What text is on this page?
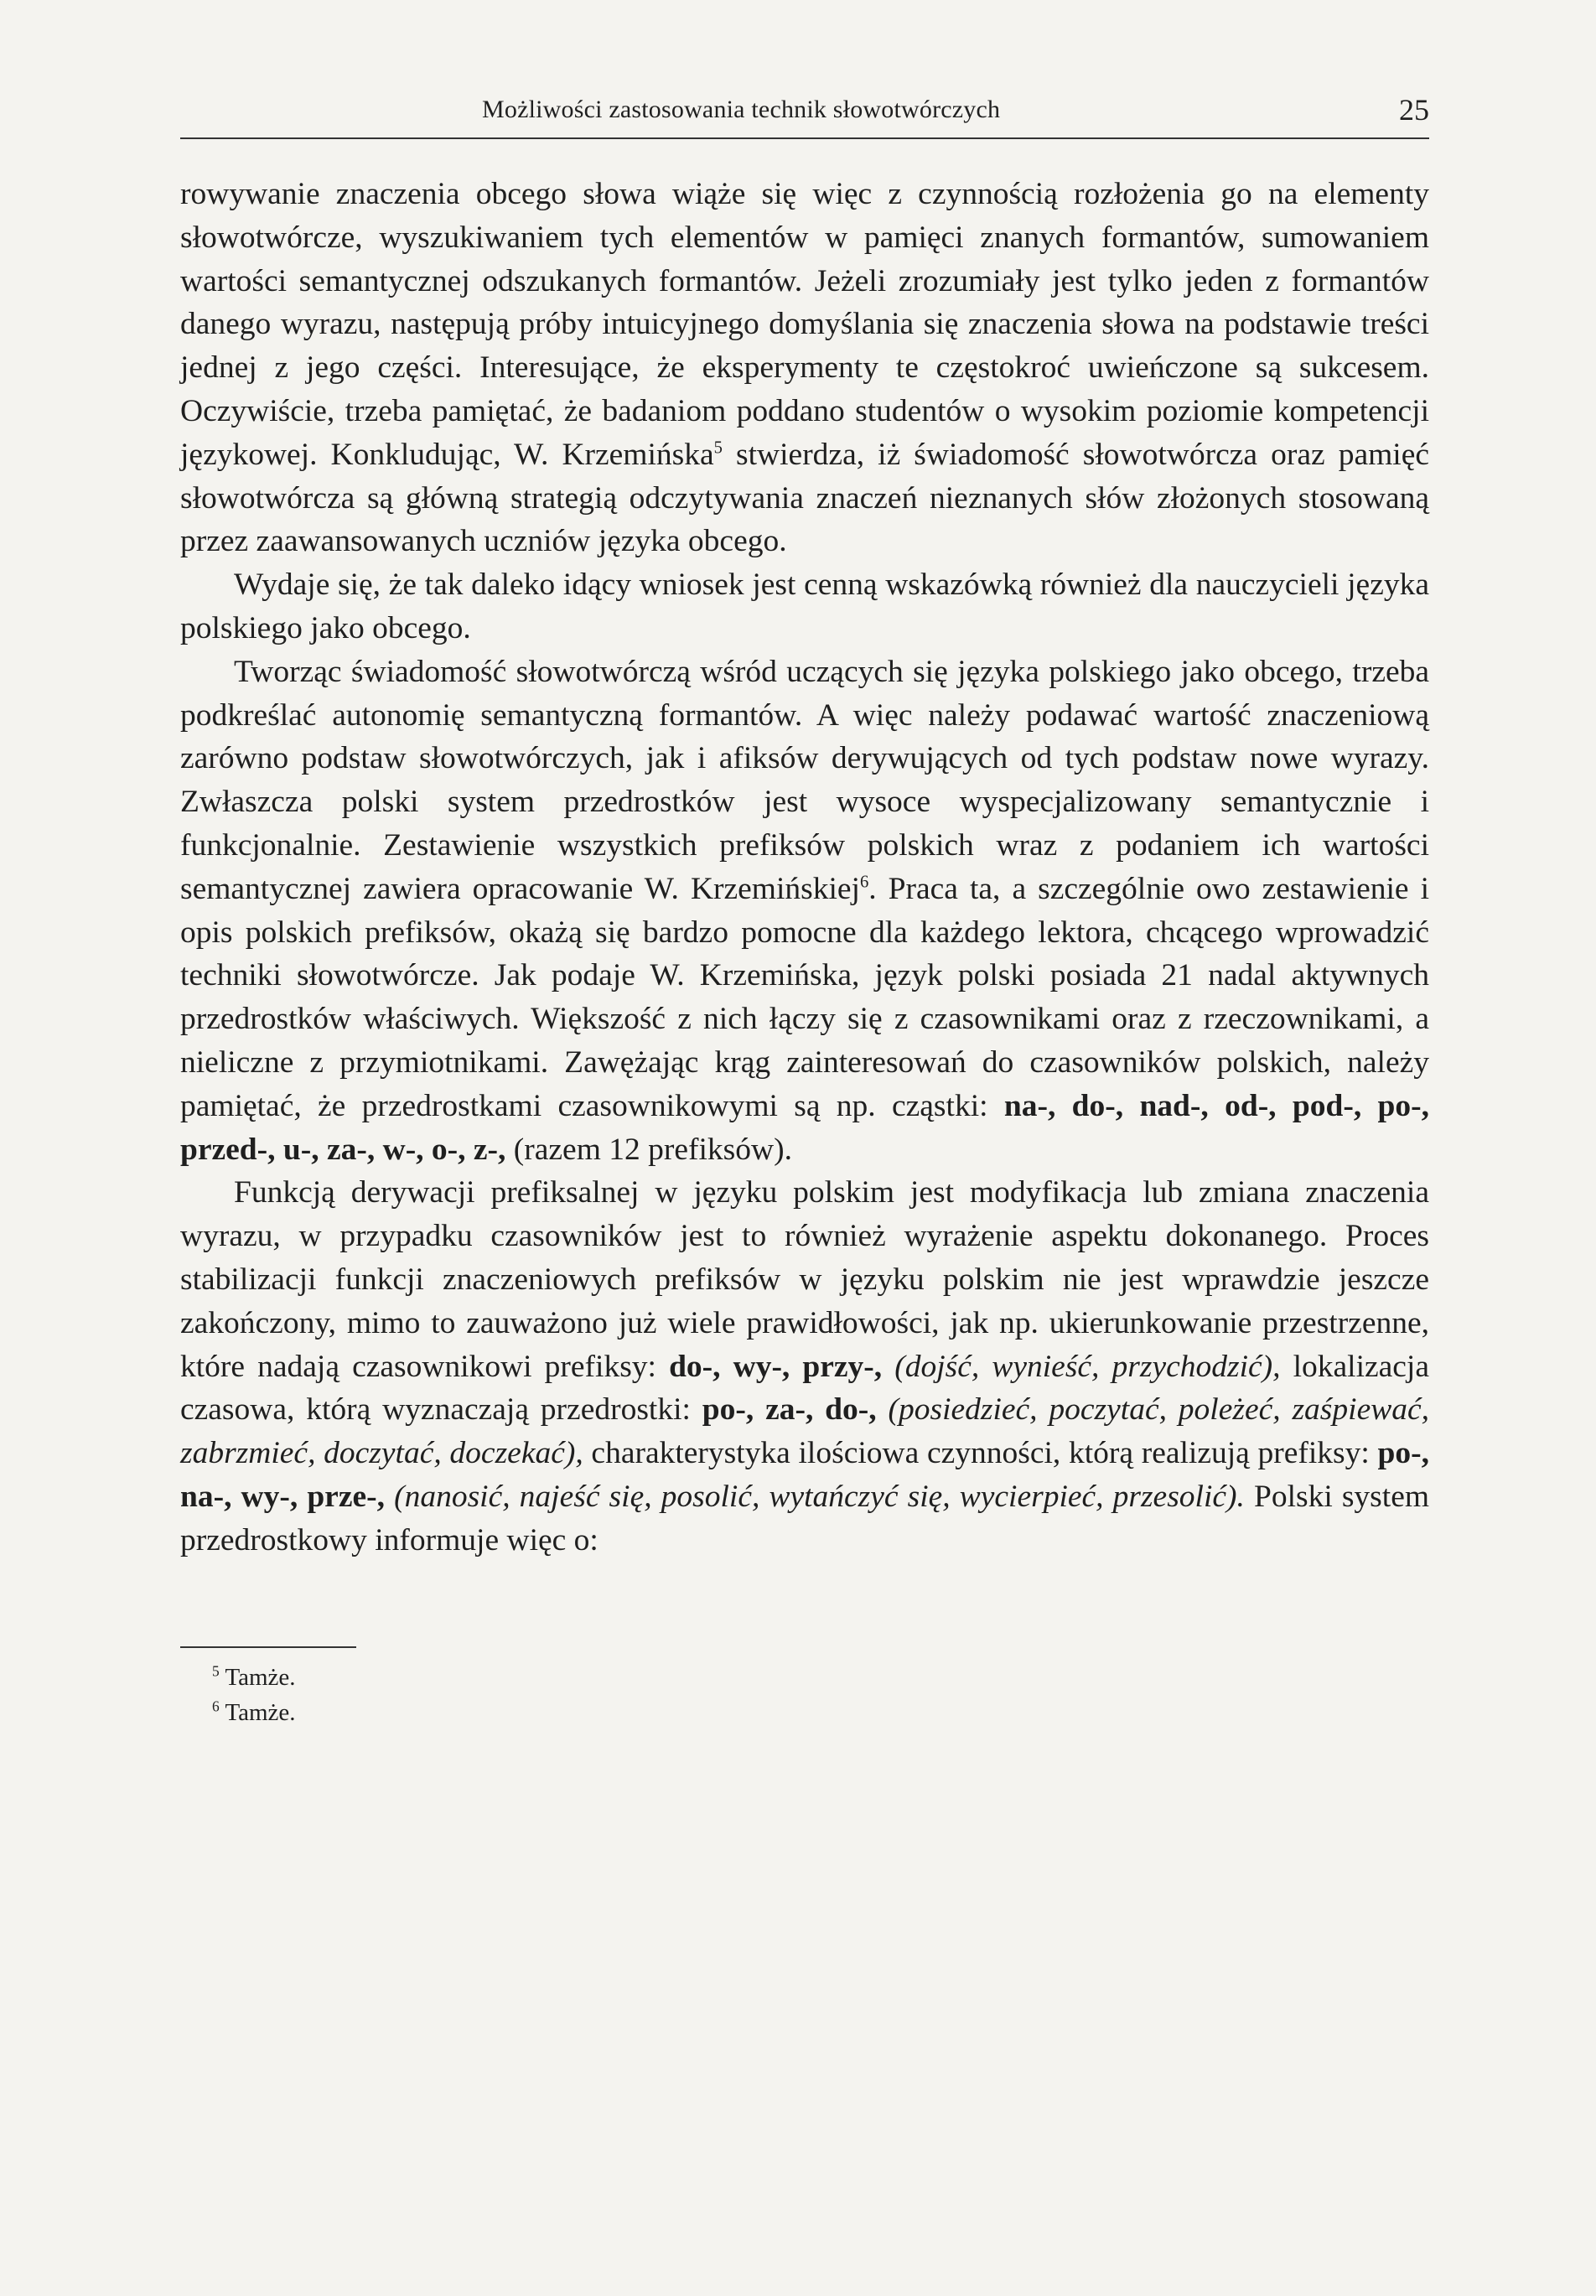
Możliwości zastosowania technik słowotwórczych	25

rowywanie znaczenia obcego słowa wiąże się więc z czynnością rozłożenia go na elementy słowotwórcze, wyszukiwaniem tych elementów w pamięci znanych formantów, sumowaniem wartości semantycznej odszukanych formantów. Jeżeli zrozumiały jest tylko jeden z formantów danego wyrazu, następują próby intuicyjnego domyślania się znaczenia słowa na podstawie treści jednej z jego części. Interesujące, że eksperymenty te częstokroć uwieńczone są sukcesem. Oczywiście, trzeba pamiętać, że badaniom poddano studentów o wysokim poziomie kompetencji językowej. Konkludując, W. Krzemińska$^5$ stwierdza, iż świadomość słowotwórcza oraz pamięć słowotwórcza są główną strategią odczytywania znaczeń nieznanych słów złożonych stosowaną przez zaawansowanych uczniów języka obcego.

Wydaje się, że tak daleko idący wniosek jest cenną wskazówką również dla nauczycieli języka polskiego jako obcego.

Tworząc świadomość słowotwórczą wśród uczących się języka polskiego jako obcego, trzeba podkreślać autonomię semantyczną formantów. A więc należy podawać wartość znaczeniową zarówno podstaw słowotwórczych, jak i afiksów derywujących od tych podstaw nowe wyrazy. Zwłaszcza polski system przedrostków jest wysoce wyspecjalizowany semantycznie i funkcjonalnie. Zestawienie wszystkich prefiksów polskich wraz z podaniem ich wartości semantycznej zawiera opracowanie W. Krzemińskiej$^6$. Praca ta, a szczególnie owo zestawienie i opis polskich prefiksów, okażą się bardzo pomocne dla każdego lektora, chcącego wprowadzić techniki słowotwórcze. Jak podaje W. Krzemińska, język polski posiada 21 nadal aktywnych przedrostków właściwych. Większość z nich łączy się z czasownikami oraz z rzeczownikami, a nieliczne z przymiotnikami. Zawężając krąg zainteresowań do czasowników polskich, należy pamiętać, że przedrostkami czasownikowymi są np. cząstki: na-, do-, nad-, od-, pod-, po-, przed-, u-, za-, w-, o-, z-, (razem 12 prefiksów).

Funkcją derywacji prefiksalnej w języku polskim jest modyfikacja lub zmiana znaczenia wyrazu, w przypadku czasowników jest to również wyrażenie aspektu dokonanego. Proces stabilizacji funkcji znaczeniowych prefiksów w języku polskim nie jest wprawdzie jeszcze zakończony, mimo to zauważono już wiele prawidłowości, jak np. ukierunkowanie przestrzenne, które nadają czasownikowi prefiksy: do-, wy-, przy-, (dojść, wynieść, przychodzić), lokalizacja czasowa, którą wyznaczają przedrostki: po-, za-, do-, (posiedzieć, poczytać, poleżeć, zaśpiewać, zabrzmieć, doczytać, doczekać), charakterystyka ilościowa czynności, którą realizują prefiksy: po-, na-, wy-, prze-, (nanosić, najeść się, posolić, wytańczyć się, wycierpieć, przesolić). Polski system przedrostkowy informuje więc o:

$^5$ Tamże.
$^6$ Tamże.
